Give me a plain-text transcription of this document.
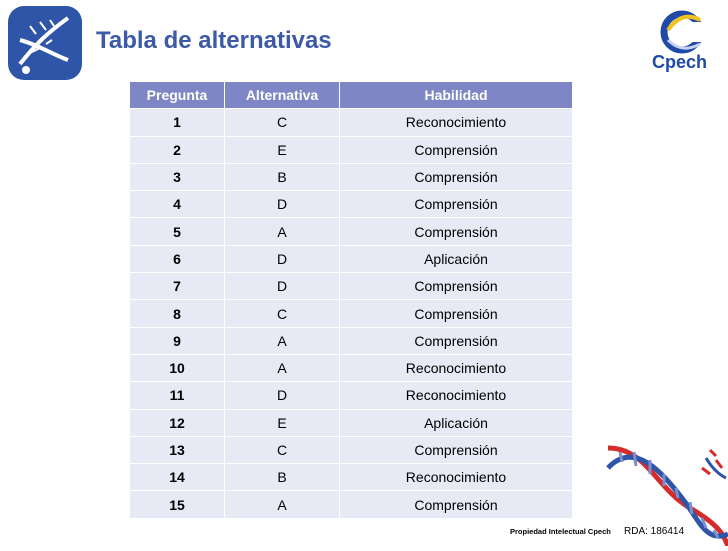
Tabla de alternativas
Cpech
Pregunta	Alternativa	Habilidad
1	C	Reconocimiento
2	E	Comprensión
3	B	Comprensión
4	D	Comprensión
5	A	Comprensión
6	D	Aplicación
7	D	Comprensión
8	C	Comprensión
9	A	Comprensión
10	A	Reconocimiento
11	D	Reconocimiento
12	E	Aplicación
13	C	Comprensión
14	B	Reconocimiento
15	A	Comprensión
Propiedad Intelectual Cpech RDA: 186414
